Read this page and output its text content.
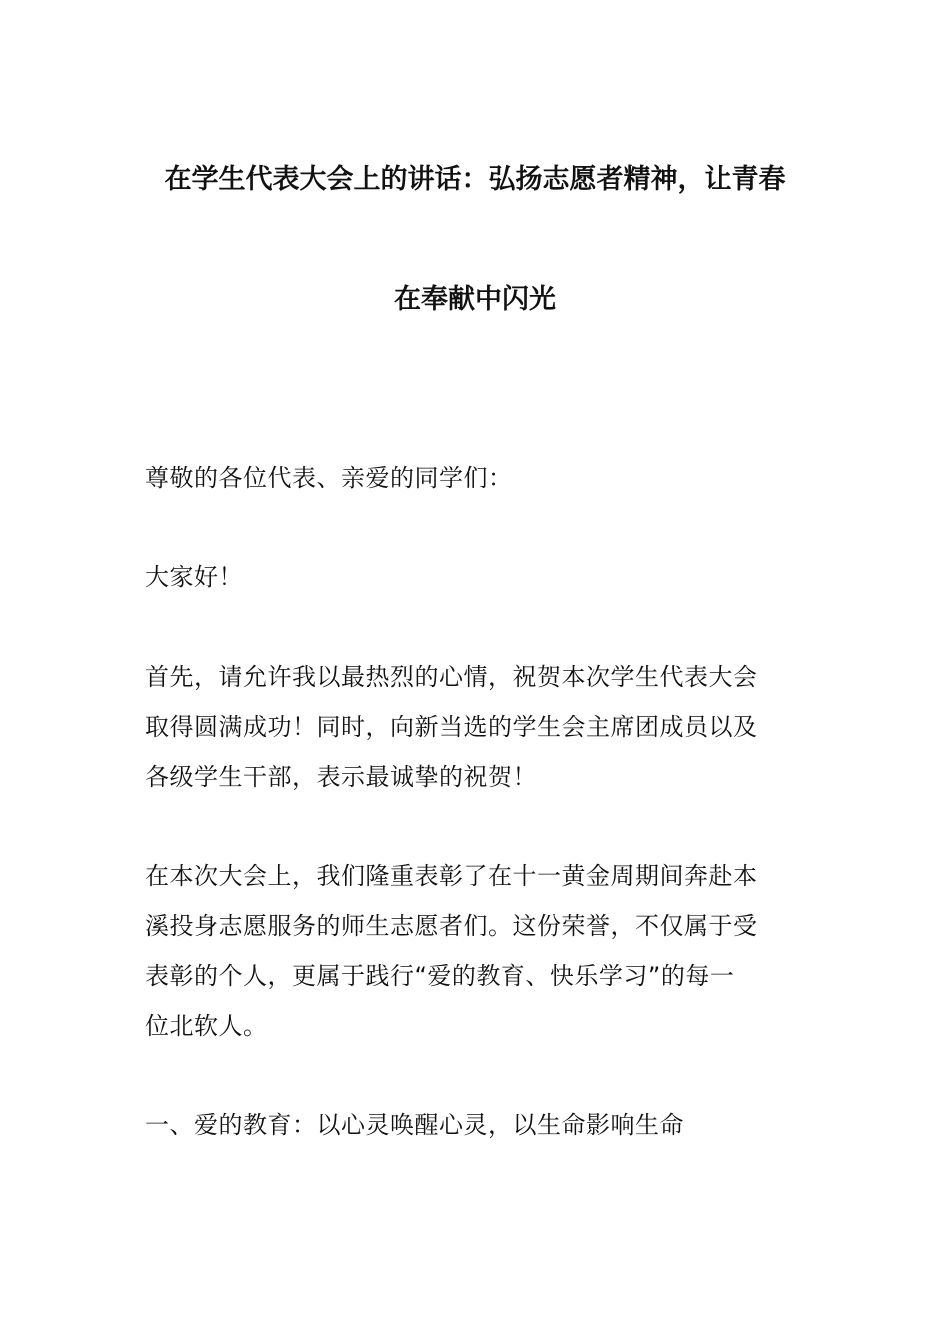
在学生代表大会上的讲话：弘扬志愿者精神，让青春
在奉献中闪光

尊敬的各位代表、亲爱的同学们：

大家好！

首先，请允许我以最热烈的心情，祝贺本次学生代表大会
取得圆满成功！同时，向新当选的学生会主席团成员以及
各级学生干部，表示最诚挚的祝贺！

在本次大会上，我们隆重表彰了在十一黄金周期间奔赴本
溪投身志愿服务的师生志愿者们。这份荣誉，不仅属于受
表彰的个人，更属于践行“爱的教育、快乐学习”的每一
位北软人。

一、爱的教育：以心灵唤醒心灵，以生命影响生命
